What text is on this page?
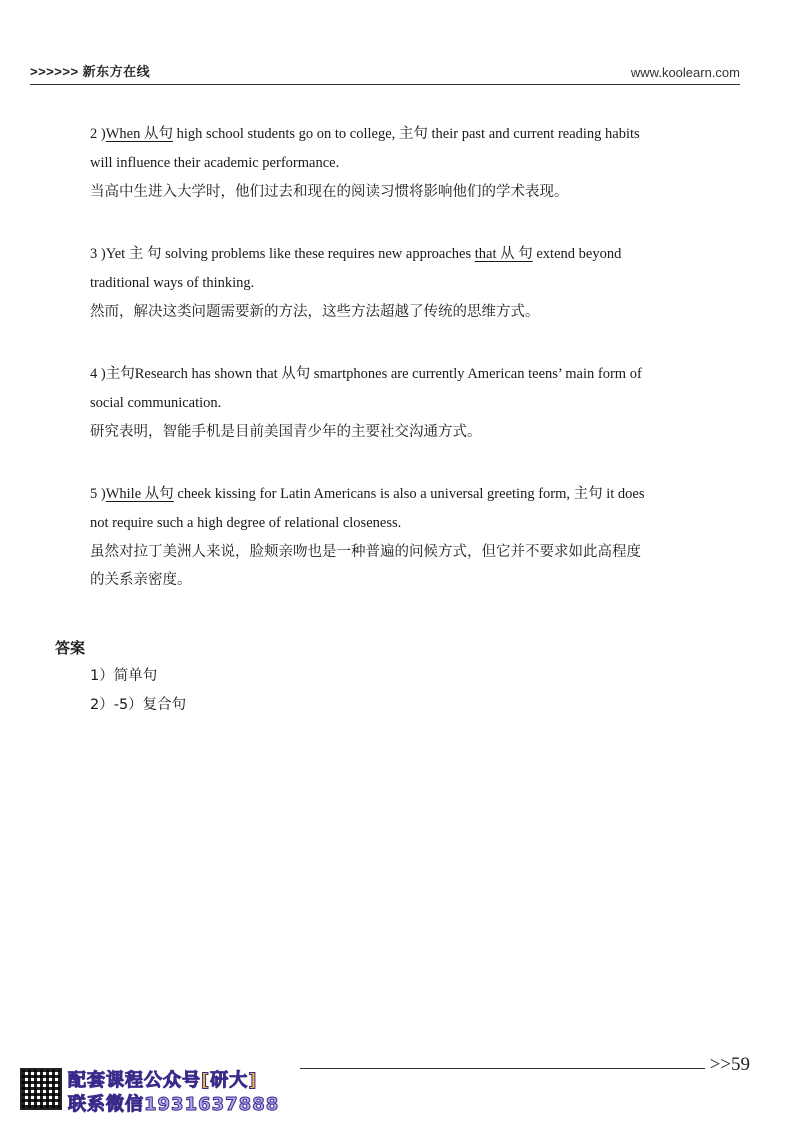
>>>>>> 新东方在线	www.koolearn.com
2 )When 从句 high school students go on to college, 主句 their past and current reading habits
will influence their academic performance.
当高中生进入大学时，他们过去和现在的阅读习惯将影响他们的学术表现。
3 )Yet 主 句 solving problems like these requires new approaches that 从 句 extend beyond
traditional ways of thinking.
然而，解决这类问题需要新的方法，这些方法超越了传统的思维方式。
4 )主句Research has shown that 从句 smartphones are currently American teens’ main form of
social communication.
研究表明，智能手机是目前美国青少年的主要社交沟通方式。
5 )While 从句 cheek kissing for Latin Americans is also a universal greeting form, 主句 it does
not require such a high degree of relational closeness.
虽然对拉丁美洲人来说，脸颊亲吻也是一种普遍的问候方式，但它并不要求如此高程度
的关系亲密度。
答案
1）简单句
2）-5）复合句
配套课程公众号[研大]
联系微信1931637888
>>59
